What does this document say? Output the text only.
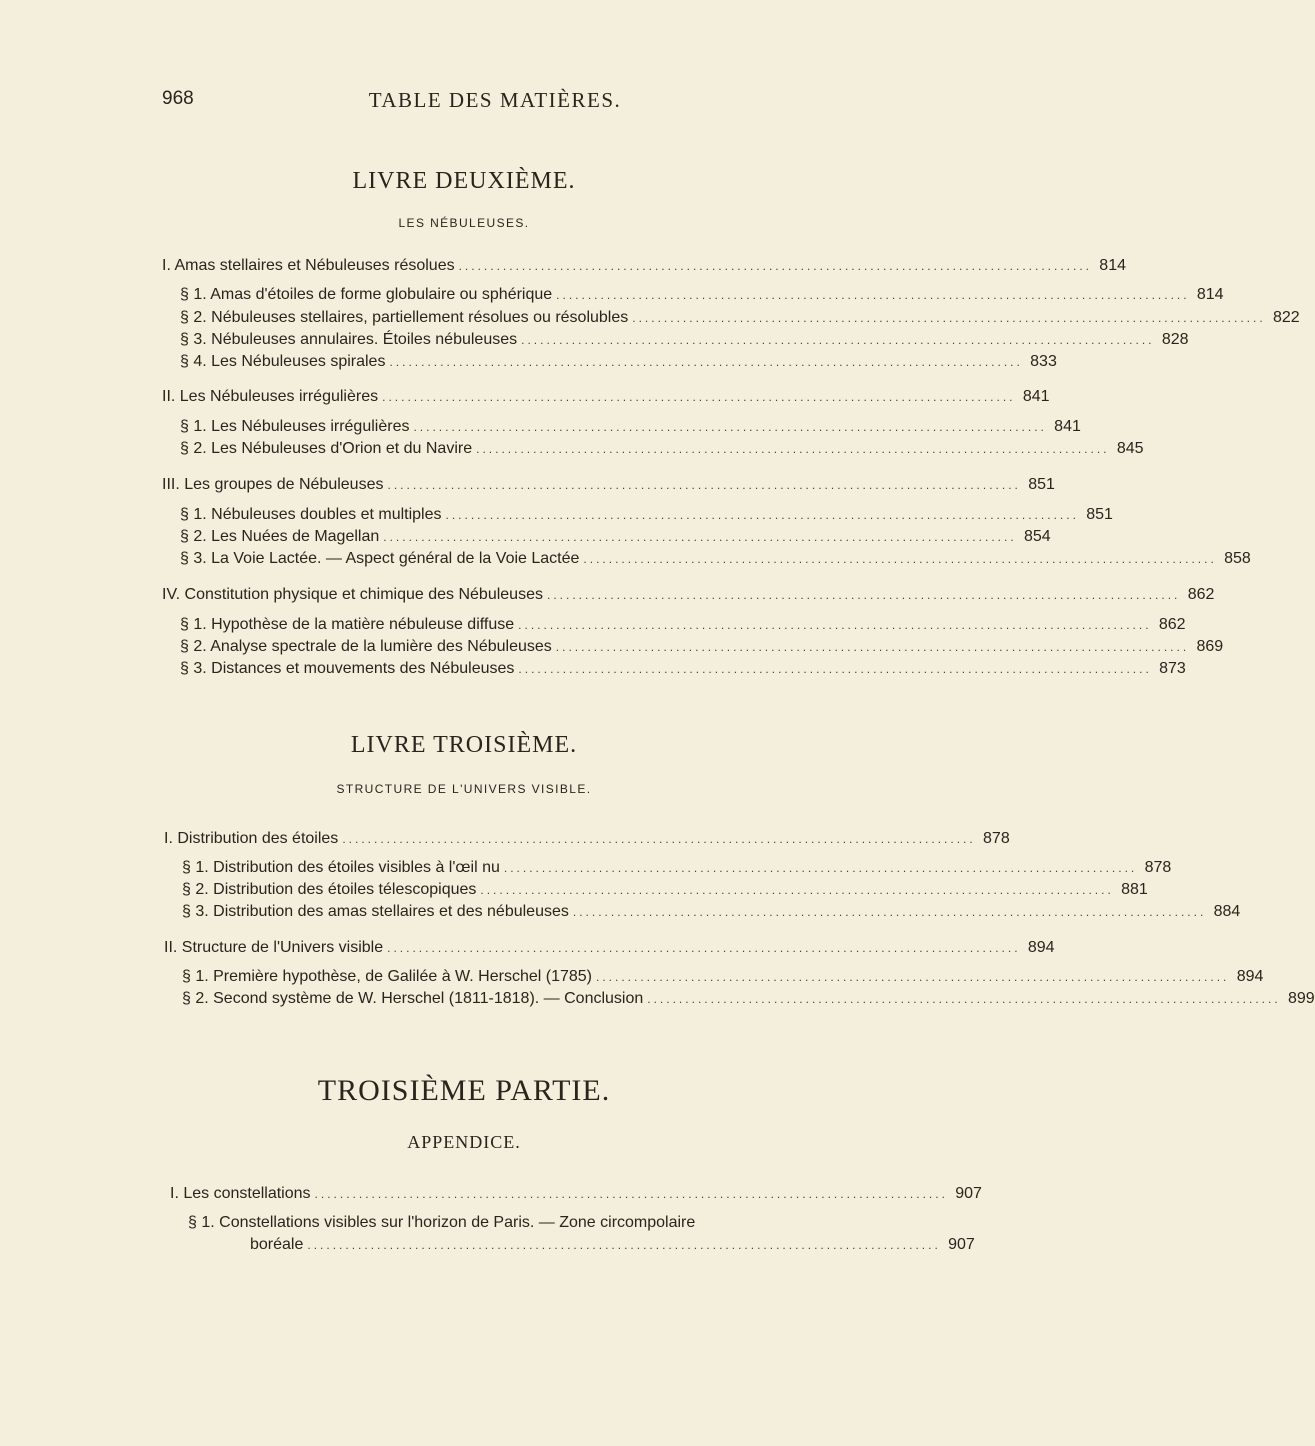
968	TABLE DES MATIÈRES.
LIVRE DEUXIÈME.
LES NÉBULEUSES.
I. Amas stellaires et Nébuleuses résolues .................................................................................................... 814
§ 1. Amas d'étoiles de forme globulaire ou sphérique .................................................................................................... 814
§ 2. Nébuleuses stellaires, partiellement résolues ou résolubles .................................................................................................... 822
§ 3. Nébuleuses annulaires. Étoiles nébuleuses .................................................................................................... 828
§ 4. Les Nébuleuses spirales .................................................................................................... 833
II. Les Nébuleuses irrégulières .................................................................................................... 841
§ 1. Les Nébuleuses irrégulières .................................................................................................... 841
§ 2. Les Nébuleuses d'Orion et du Navire .................................................................................................... 845
III. Les groupes de Nébuleuses .................................................................................................... 851
§ 1. Nébuleuses doubles et multiples .................................................................................................... 851
§ 2. Les Nuées de Magellan .................................................................................................... 854
§ 3. La Voie Lactée. — Aspect général de la Voie Lactée .................................................................................................... 858
IV. Constitution physique et chimique des Nébuleuses .................................................................................................... 862
§ 1. Hypothèse de la matière nébuleuse diffuse .................................................................................................... 862
§ 2. Analyse spectrale de la lumière des Nébuleuses .................................................................................................... 869
§ 3. Distances et mouvements des Nébuleuses .................................................................................................... 873
LIVRE TROISIÈME.
STRUCTURE DE L'UNIVERS VISIBLE.
I. Distribution des étoiles .................................................................................................... 878
§ 1. Distribution des étoiles visibles à l'œil nu .................................................................................................... 878
§ 2. Distribution des étoiles télescopiques .................................................................................................... 881
§ 3. Distribution des amas stellaires et des nébuleuses .................................................................................................... 884
II. Structure de l'Univers visible .................................................................................................... 894
§ 1. Première hypothèse, de Galilée à W. Herschel (1785) .................................................................................................... 894
§ 2. Second système de W. Herschel (1811-1818). — Conclusion .................................................................................................... 899
TROISIÈME PARTIE.
APPENDICE.
I. Les constellations .................................................................................................... 907
§ 1. Constellations visibles sur l'horizon de Paris. — Zone circompolaire
boréale .................................................................................................... 907
